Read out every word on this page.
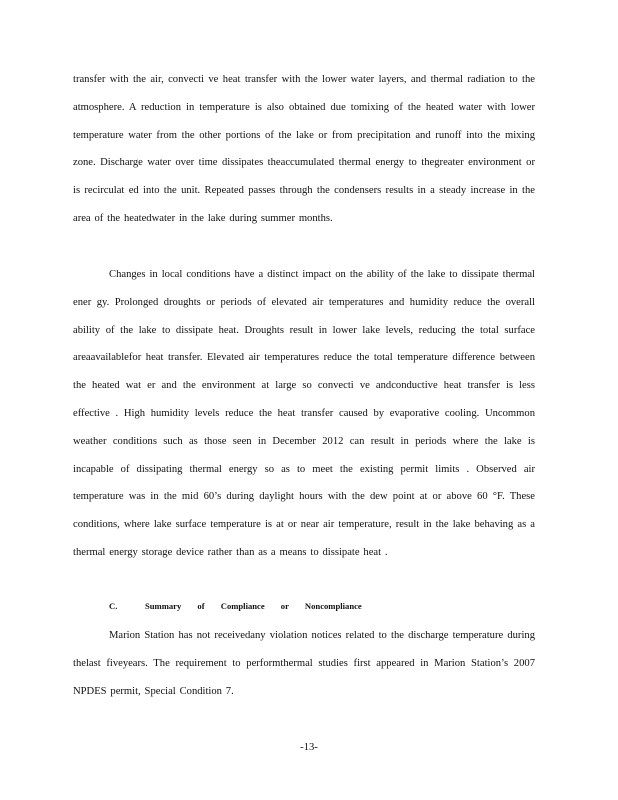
transfer with the air, convecti ve heat transfer with the lower water layers, and thermal radiation to the atmosphere. A reduction in temperature is also obtained due tomixing of the heated water with lower temperature water from the other portions of the lake or from precipitation and runoff into the mixing zone. Discharge water over time dissipates theaccumulated thermal energy to thegreater environment or is recirculat ed into the unit. Repeated passes through the condensers results in a steady increase in the area of the heatedwater in the lake during summer months.

Changes in local conditions have a distinct impact on the ability of the lake to dissipate thermal ener gy. Prolonged droughts or periods of elevated air temperatures and humidity reduce the overall ability of the lake to dissipate heat. Droughts result in lower lake levels, reducing the total surface areaavailablefor heat transfer. Elevated air temperatures reduce the total temperature difference between the heated wat er and the environment at large so convecti ve andconductive heat transfer is less effective . High humidity levels reduce the heat transfer caused by evaporative cooling. Uncommon weather conditions such as those seen in December 2012 can result in periods where the lake is incapable of dissipating thermal energy so as to meet the existing permit limits . Observed air temperature was in the mid 60’s during daylight hours with the dew point at or above 60 °F. These conditions, where lake surface temperature is at or near air temperature, result in the lake behaving as a thermal energy storage device rather than as a means to dissipate heat .

C.	Summary of Compliance or Noncompliance

Marion Station has not receivedany violation notices related to the discharge temperature during thelast fiveyears. The requirement to performthermal studies first appeared in Marion Station’s 2007 NPDES permit, Special Condition 7.

-13-
